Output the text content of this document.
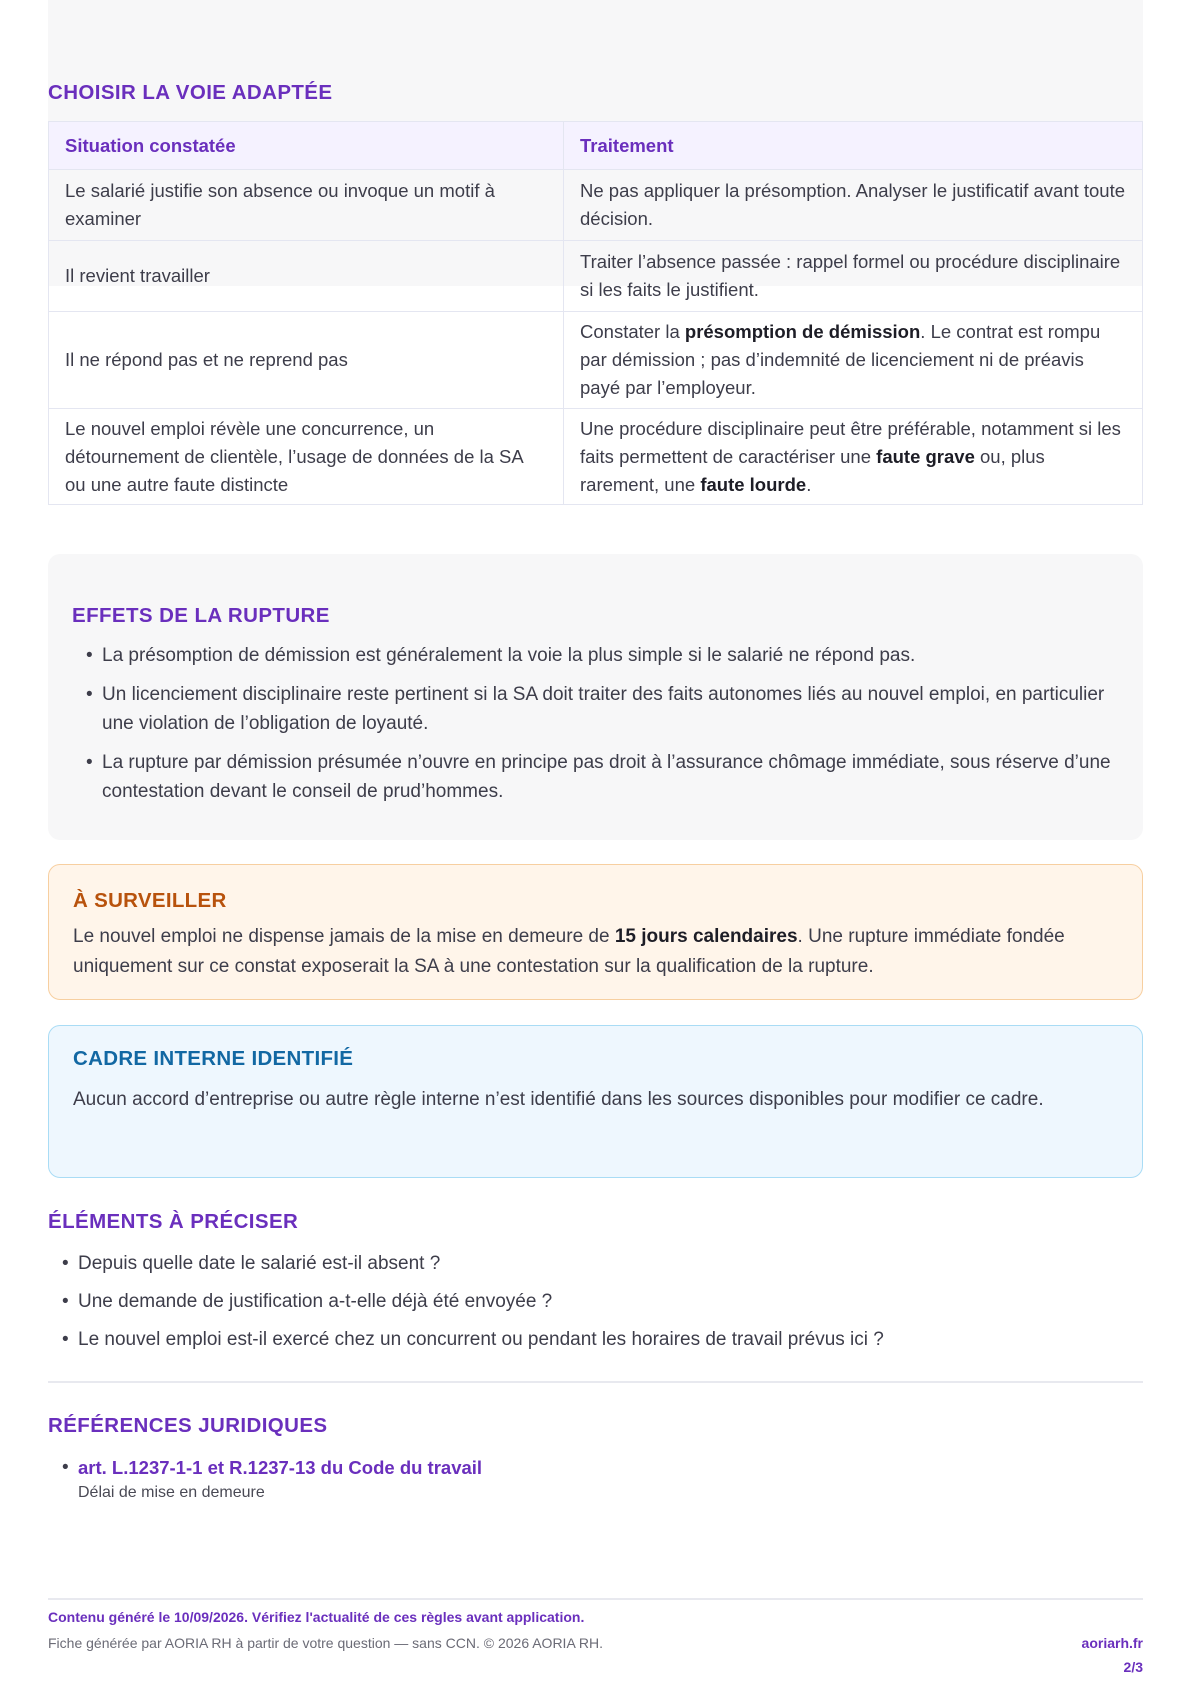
CHOISIR LA VOIE ADAPTÉE
Situation constatée	Traitement
Le salarié justifie son absence ou invoque un motif à examiner	Ne pas appliquer la présomption. Analyser le justificatif avant toute décision.
Il revient travailler	Traiter l’absence passée : rappel formel ou procédure disciplinaire si les faits le justifient.
Il ne répond pas et ne reprend pas	Constater la présomption de démission. Le contrat est rompu par démission ; pas d’indemnité de licenciement ni de préavis payé par l’employeur.
Le nouvel emploi révèle une concurrence, un détournement de clientèle, l’usage de données de la SA ou une autre faute distincte	Une procédure disciplinaire peut être préférable, notamment si les faits permettent de caractériser une faute grave ou, plus rarement, une faute lourde.
EFFETS DE LA RUPTURE
• La présomption de démission est généralement la voie la plus simple si le salarié ne répond pas.
• Un licenciement disciplinaire reste pertinent si la SA doit traiter des faits autonomes liés au nouvel emploi, en particulier une violation de l’obligation de loyauté.
• La rupture par démission présumée n’ouvre en principe pas droit à l’assurance chômage immédiate, sous réserve d’une contestation devant le conseil de prud’hommes.
À SURVEILLER
Le nouvel emploi ne dispense jamais de la mise en demeure de 15 jours calendaires. Une rupture immédiate fondée uniquement sur ce constat exposerait la SA à une contestation sur la qualification de la rupture.
CADRE INTERNE IDENTIFIÉ
Aucun accord d’entreprise ou autre règle interne n’est identifié dans les sources disponibles pour modifier ce cadre.
ÉLÉMENTS À PRÉCISER
• Depuis quelle date le salarié est-il absent ?
• Une demande de justification a-t-elle déjà été envoyée ?
• Le nouvel emploi est-il exercé chez un concurrent ou pendant les horaires de travail prévus ici ?
RÉFÉRENCES JURIDIQUES
• art. L.1237-1-1 et R.1237-13 du Code du travail
Délai de mise en demeure
Contenu généré le 10/09/2026. Vérifiez l'actualité de ces règles avant application.
Fiche générée par AORIA RH à partir de votre question — sans CCN. © 2026 AORIA RH.	aoriarh.fr
2/3
